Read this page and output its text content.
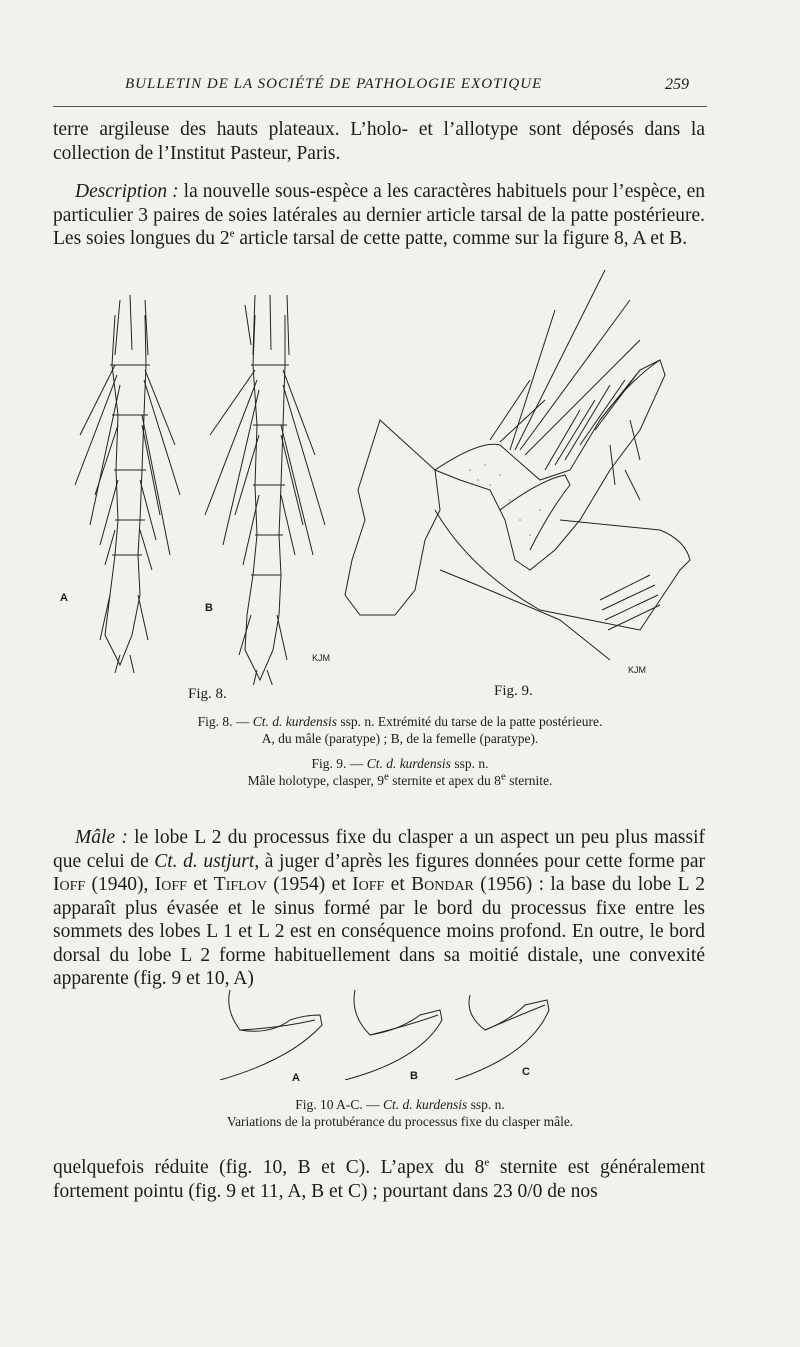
BULLETIN DE LA SOCIÉTÉ DE PATHOLOGIE EXOTIQUE	259

terre argileuse des hauts plateaux. L’holo- et l’allotype sont déposés dans la collection de l’Institut Pasteur, Paris.

Description : la nouvelle sous-espèce a les caractères habituels pour l’espèce, en particulier 3 paires de soies latérales au dernier article tarsal de la patte postérieure. Les soies longues du 2e article tarsal de cette patte, comme sur la figure 8, A et B.

A
B
KJM
KJM
Fig. 8.	Fig. 9.

Fig. 8. — Ct. d. kurdensis ssp. n. Extrémité du tarse de la patte postérieure.

A, du mâle (paratype) ; B, de la femelle (paratype).

Fig. 9. — Ct. d. kurdensis ssp. n.

Mâle holotype, clasper, 9e sternite et apex du 8e sternite.

Mâle : le lobe L 2 du processus fixe du clasper a un aspect un peu plus massif que celui de Ct. d. ustjurt, à juger d’après les figures données pour cette forme par Ioff (1940), Ioff et Tiflov (1954) et Ioff et Bondar (1956) : la base du lobe L 2 apparaît plus évasée et le sinus formé par le bord du processus fixe entre les sommets des lobes L 1 et L 2 est en conséquence moins profond. En outre, le bord dorsal du lobe L 2 forme habituellement dans sa moitié distale, une convexité apparente (fig. 9 et 10, A)

A	B	C

Fig. 10 A-C. — Ct. d. kurdensis ssp. n.

Variations de la protubérance du processus fixe du clasper mâle.

quelquefois réduite (fig. 10, B et C). L’apex du 8e sternite est généralement fortement pointu (fig. 9 et 11, A, B et C) ; pourtant dans 23 0/0 de nos
